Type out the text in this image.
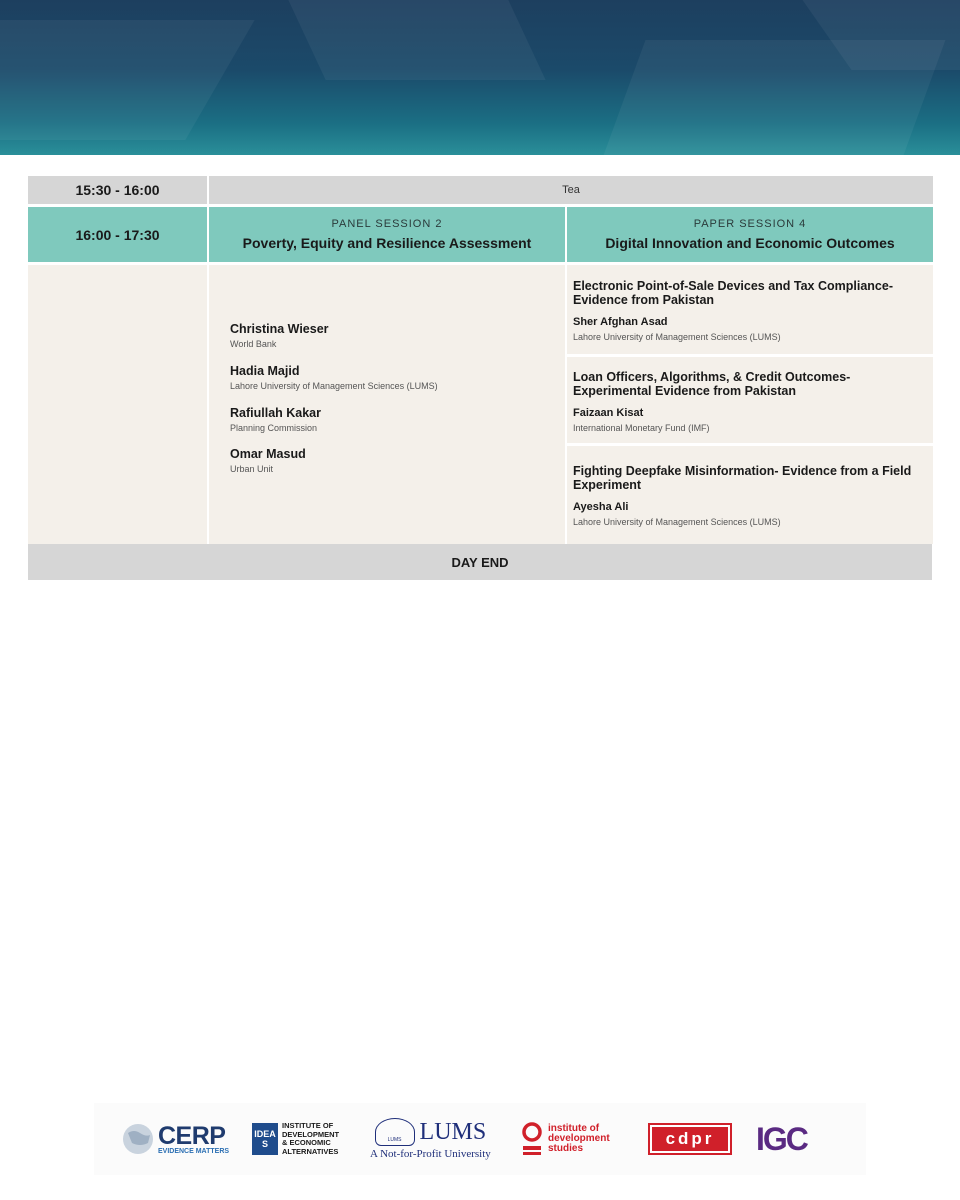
15:30 - 16:00	Tea
16:00 - 17:30
PANEL SESSION 2
Poverty, Equity and Resilience Assessment
PAPER SESSION 4
Digital Innovation and Economic Outcomes
Christina Wieser
World Bank
Hadia Majid
Lahore University of Management Sciences (LUMS)
Rafiullah Kakar
Planning Commission
Omar Masud
Urban Unit
Electronic Point-of-Sale Devices and Tax Compliance-
Evidence from Pakistan
Sher Afghan Asad
Lahore University of Management Sciences (LUMS)
Loan Officers, Algorithms, & Credit Outcomes-
Experimental Evidence from Pakistan
Faizaan Kisat
International Monetary Fund (IMF)
Fighting Deepfake Misinformation- Evidence from a Field
Experiment
Ayesha Ali
Lahore University of Management Sciences (LUMS)
DAY END
CERP
EVIDENCE MATTERS
IDEAS
INSTITUTE OF
DEVELOPMENT
& ECONOMIC
ALTERNATIVES
LUMS LUMS
A Not-for-Profit University
institute of
development
studies
cdpr	IGC
